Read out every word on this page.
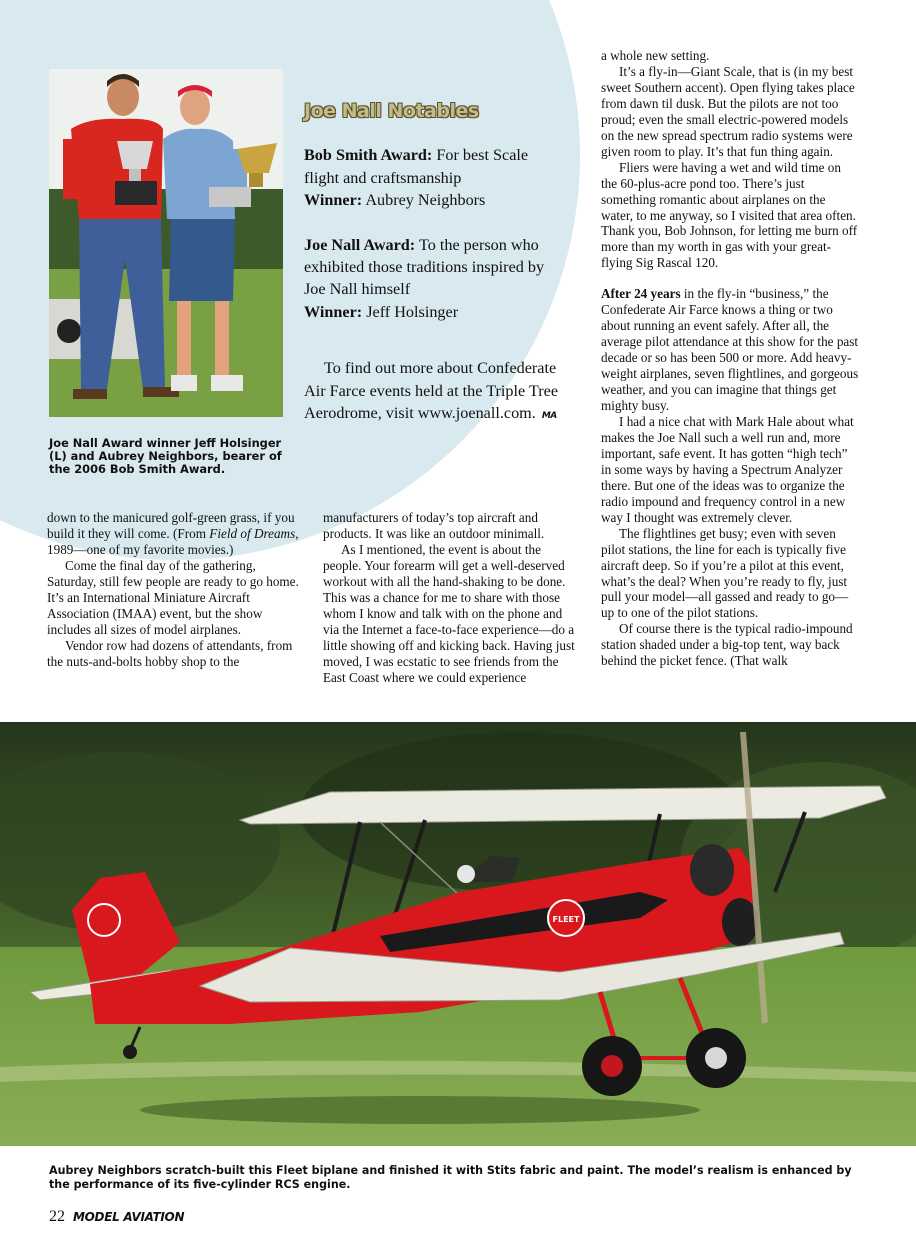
Joe Nall Award winner Jeff Holsinger (L) and Aubrey Neighbors, bearer of the 2006 Bob Smith Award.
Joe Nall Notables
Bob Smith Award: For best Scale flight and craftsmanship
Winner: Aubrey Neighbors
Joe Nall Award: To the person who exhibited those traditions inspired by Joe Nall himself
Winner: Jeff Holsinger
To find out more about Confederate Air Farce events held at the Triple Tree Aerodrome, visit www.joenall.com. MA

down to the manicured golf-green grass, if you build it they will come. (From Field of Dreams, 1989—one of my favorite movies.)

Come the final day of the gathering, Saturday, still few people are ready to go home. It’s an International Miniature Aircraft Association (IMAA) event, but the show includes all sizes of model airplanes.

Vendor row had dozens of attendants, from the nuts-and-bolts hobby shop to the

manufacturers of today’s top aircraft and products. It was like an outdoor minimall.

As I mentioned, the event is about the people. Your forearm will get a well-deserved workout with all the hand-shaking to be done. This was a chance for me to share with those whom I know and talk with on the phone and via the Internet a face-to-face experience—do a little showing off and kicking back. Having just moved, I was ecstatic to see friends from the East Coast where we could experience

a whole new setting.

It’s a fly-in—Giant Scale, that is (in my best sweet Southern accent). Open flying takes place from dawn til dusk. But the pilots are not too proud; even the small electric-powered models on the new spread spectrum radio systems were given room to play. It’s that fun thing again.

Fliers were having a wet and wild time on the 60-plus-acre pond too. There’s just something romantic about airplanes on the water, to me anyway, so I visited that area often. Thank you, Bob Johnson, for letting me burn off more than my worth in gas with your great-flying Sig Rascal 120.

After 24 years in the fly-in “business,” the Confederate Air Farce knows a thing or two about running an event safely. After all, the average pilot attendance at this show for the past decade or so has been 500 or more. Add heavy-weight airplanes, seven flightlines, and gorgeous weather, and you can imagine that things get mighty busy.

I had a nice chat with Mark Hale about what makes the Joe Nall such a well run and, more important, safe event. It has gotten “high tech” in some ways by having a Spectrum Analyzer there. But one of the ideas was to organize the radio impound and frequency control in a new way I thought was extremely clever.

The flightlines get busy; even with seven pilot stations, the line for each is typically five aircraft deep. So if you’re a pilot at this event, what’s the deal? When you’re ready to fly, just pull your model—all gassed and ready to go—up to one of the pilot stations.

Of course there is the typical radio-impound station shaded under a big-top tent, way back behind the picket fence. (That walk

FLEET
Aubrey Neighbors scratch-built this Fleet biplane and finished it with Stits fabric and paint. The model’s realism is enhanced by the performance of its five-cylinder RCS engine.
22 MODEL AVIATION
